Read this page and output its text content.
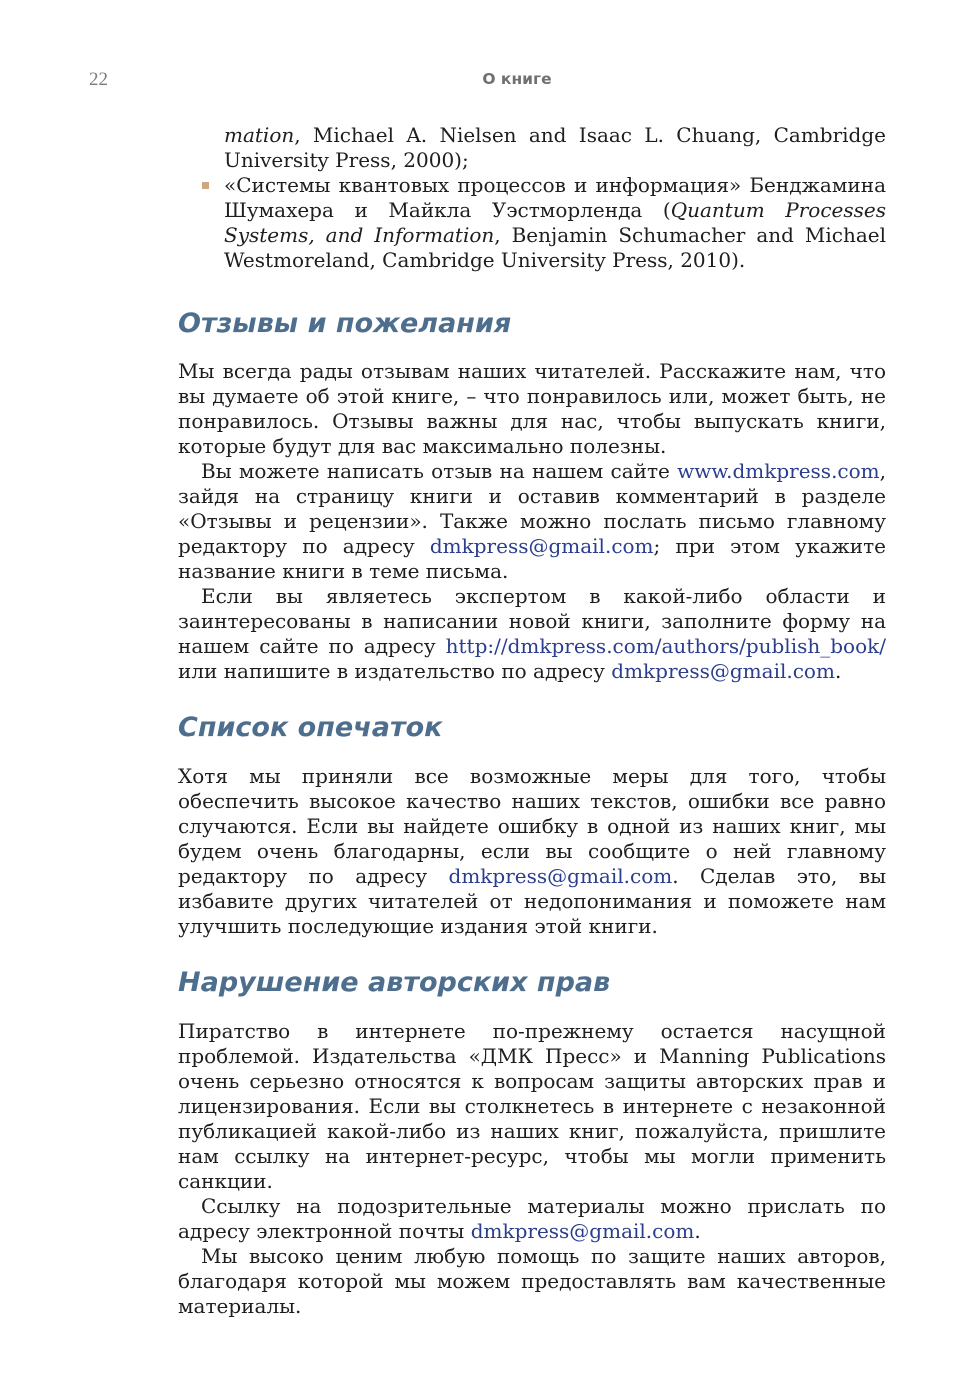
22	О книге

mation, Michael A. Nielsen and Isaac L. Chuang, Cambridge University Press, 2000);

«Системы квантовых процессов и информация» Бенджамина Шумахера и Майкла Уэстморленда (Quantum Processes Systems, and Information, Benjamin Schumacher and Michael Westmoreland, Cambridge University Press, 2010).

Отзывы и пожелания

Мы всегда рады отзывам наших читателей. Расскажите нам, что вы думаете об этой книге, – что понравилось или, может быть, не понравилось. Отзывы важны для нас, чтобы выпускать книги, которые будут для вас максимально полезны.

Вы можете написать отзыв на нашем сайте www.dmkpress.com, зайдя на страницу книги и оставив комментарий в разделе «Отзывы и рецензии». Также можно послать письмо главному редактору по адресу dmkpress@gmail.com; при этом укажите название книги в теме письма.

Если вы являетесь экспертом в какой-либо области и заинтересованы в написании новой книги, заполните форму на нашем сайте по адресу http://dmkpress.com/authors/publish_book/ или напишите в издательство по адресу dmkpress@gmail.com.

Список опечаток

Хотя мы приняли все возможные меры для того, чтобы обеспечить высокое качество наших текстов, ошибки все равно случаются. Если вы найдете ошибку в одной из наших книг, мы будем очень благодарны, если вы сообщите о ней главному редактору по адресу dmkpress@gmail.com. Сделав это, вы избавите других читателей от недопонимания и поможете нам улучшить последующие издания этой книги.

Нарушение авторских прав

Пиратство в интернете по-прежнему остается насущной проблемой. Издательства «ДМК Пресс» и Manning Publications очень серьезно относятся к вопросам защиты авторских прав и лицензирования. Если вы столкнетесь в интернете с незаконной публикацией какой-либо из наших книг, пожалуйста, пришлите нам ссылку на интернет-ресурс, чтобы мы могли применить санкции.

Ссылку на подозрительные материалы можно прислать по адресу электронной почты dmkpress@gmail.com.

Мы высоко ценим любую помощь по защите наших авторов, благодаря которой мы можем предоставлять вам качественные материалы.
